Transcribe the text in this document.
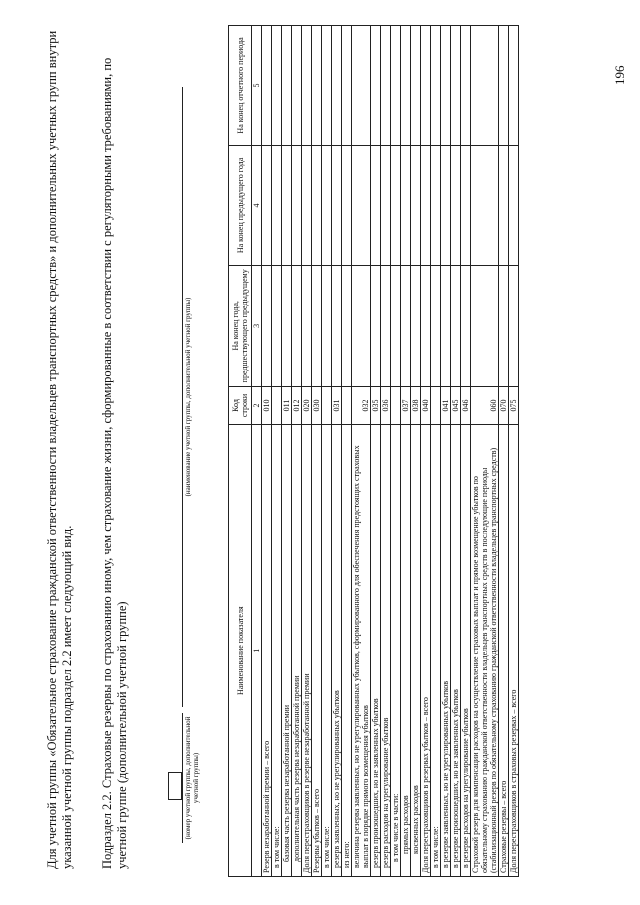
Для учетной группы «Обязательное страхование гражданской ответственности владельцев транспортных средств» и дополнительных учетных групп внутри указанной учетной группы подраздел 2.2 имеет следующий вид. Подраздел 2.2. Страховые резервы по страхованию иному, чем страхование жизни, сформированные в соответствии с регуляторными требованиями, по учетной группе (дополнительной учетной группе)	(номер учетной группы, дополнительной учетной группы)
(наименование учетной группы, дополнительной учетной группы)
Наименование показателя	Код строки	На конец года, предшествующего предыдущему	На конец предыдущего года	На конец отчетного периода
1	2	3	4	5
Резерв незаработанной премии – всего	010			
в том числе:				
базовая часть резерва незаработанной премии	011			
дополнительная часть резерва незаработанной премии	012			
Доля перестраховщиков в резерве незаработанной премии	020			
Резервы убытков – всего	030			
в том числе:				
резерв заявленных, но не урегулированных убытков	031			
из него:				
величина резерва заявленных, но не урегулированных убытков, сформированного для обеспечения предстоящих страховых выплат в порядке прямого возмещения убытков	032			
резерв произошедших, но не заявленных убытков	035			
резерв расходов на урегулирование убытков	036			
в том числе в части:				
прямых расходов	037			
косвенных расходов	038			
Доля перестраховщиков в резервах убытков – всего	040			
в том числе:				
в резерве заявленных, но не урегулированных убытков	041			
в резерве произошедших, но не заявленных убытков	045			
в резерве расходов на урегулирование убытков	046			
Страховой резерв для компенсации расходов на осуществление страховых выплат и прямое возмещение убытков по обязательному страхованию гражданской ответственности владельцев транспортных средств в последующие периоды (стабилизационный резерв по обязательному страхованию гражданской ответственности владельцев транспортных средств)	060			
Страховые резервы – всего	070			
Доля перестраховщиков в страховых резервах – всего	075			
196
